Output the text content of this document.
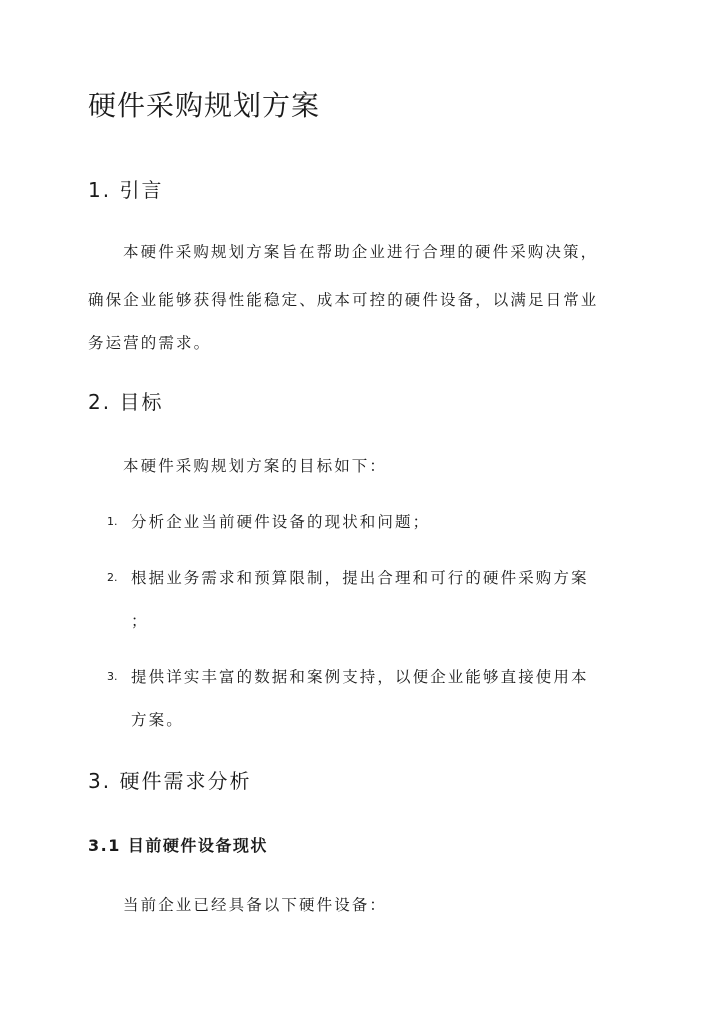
硬件采购规划方案
1. 引言
本硬件采购规划方案旨在帮助企业进行合理的硬件采购决策，
确保企业能够获得性能稳定、成本可控的硬件设备，以满足日常业
务运营的需求。
2. 目标
本硬件采购规划方案的目标如下：
1. 分析企业当前硬件设备的现状和问题；
2. 根据业务需求和预算限制，提出合理和可行的硬件采购方案
；
3. 提供详实丰富的数据和案例支持，以便企业能够直接使用本
方案。
3. 硬件需求分析
3.1 目前硬件设备现状
当前企业已经具备以下硬件设备：
